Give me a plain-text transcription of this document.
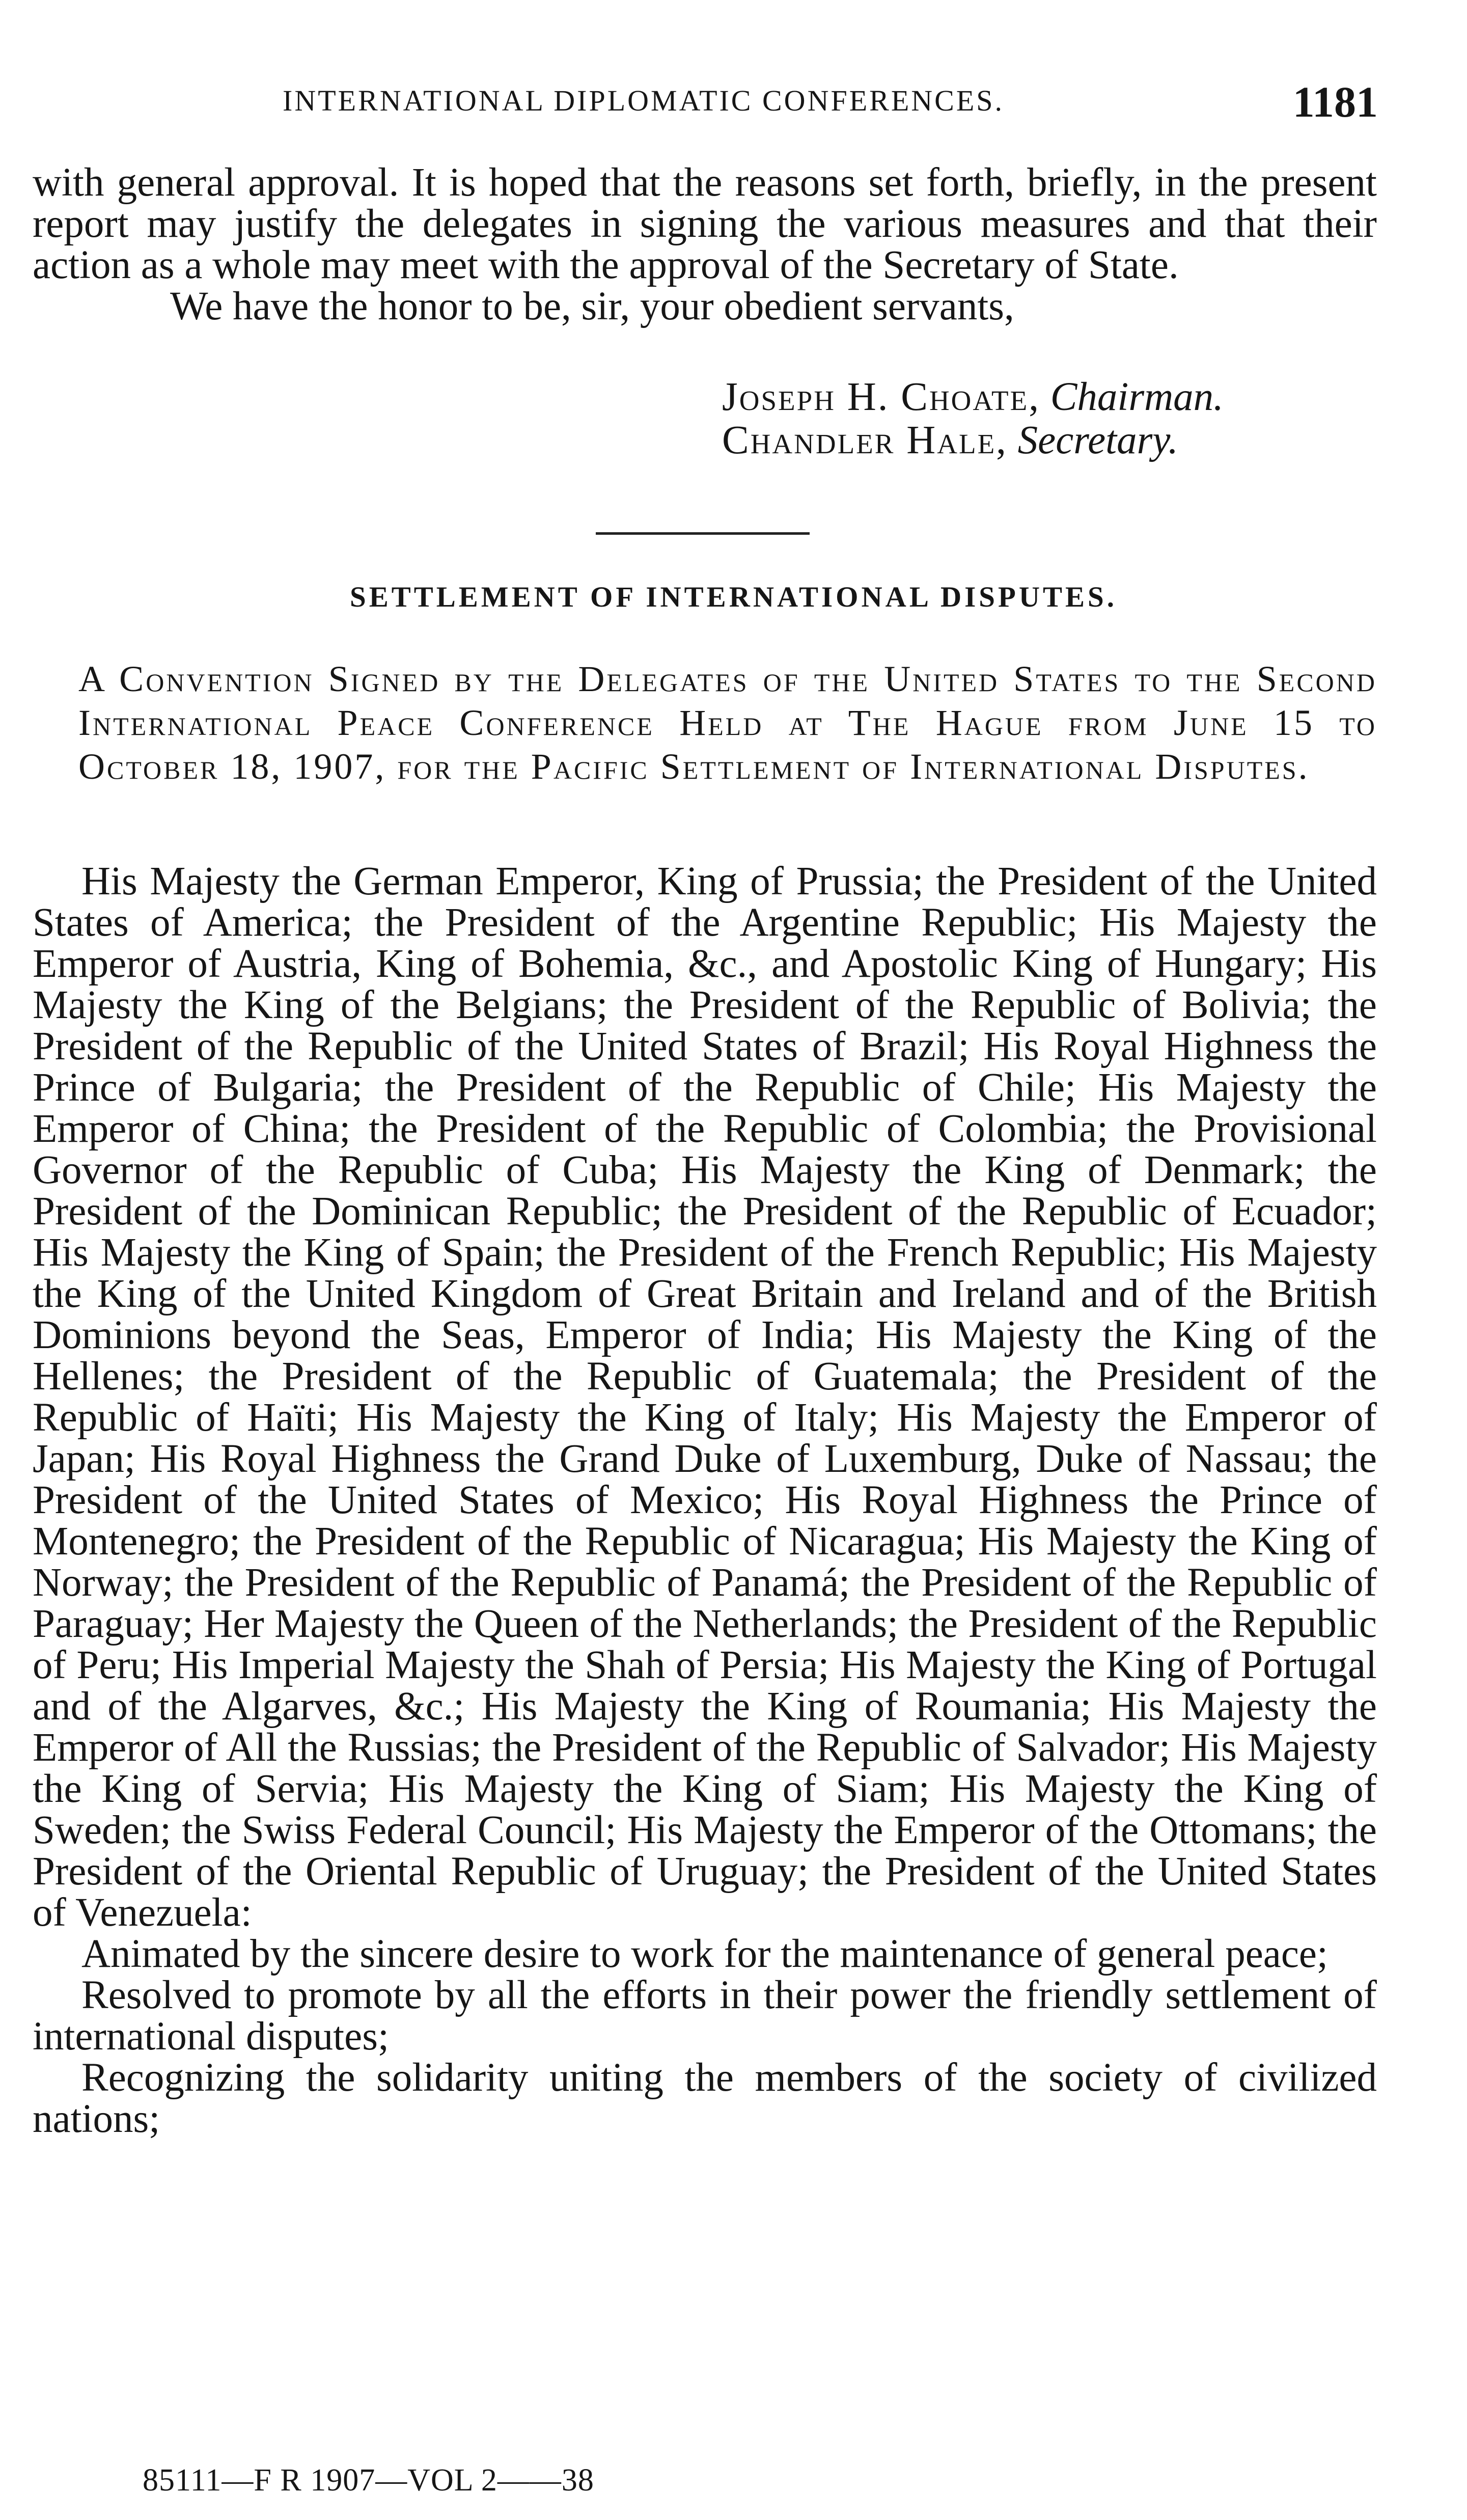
INTERNATIONAL DIPLOMATIC CONFERENCES.	1181

with general approval. It is hoped that the reasons set forth, briefly, in the present report may justify the delegates in signing the various measures and that their action as a whole may meet with the approval of the Secretary of State.

We have the honor to be, sir, your obedient servants,

Joseph H. Choate, Chairman.
Chandler Hale, Secretary.
SETTLEMENT OF INTERNATIONAL DISPUTES.
A Convention Signed by the Delegates of the United States to the Second International Peace Conference Held at The Hague from June 15 to October 18, 1907, for the Pacific Settlement of International Disputes.

His Majesty the German Emperor, King of Prussia; the President of the United States of America; the President of the Argentine Republic; His Majesty the Emperor of Austria, King of Bohemia, &c., and Apostolic King of Hungary; His Majesty the King of the Belgians; the President of the Republic of Bolivia; the President of the Republic of the United States of Brazil; His Royal Highness the Prince of Bulgaria; the President of the Republic of Chile; His Majesty the Emperor of China; the President of the Republic of Colombia; the Provisional Governor of the Republic of Cuba; His Majesty the King of Denmark; the President of the Dominican Republic; the President of the Republic of Ecuador; His Majesty the King of Spain; the President of the French Republic; His Majesty the King of the United Kingdom of Great Britain and Ireland and of the British Dominions beyond the Seas, Emperor of India; His Majesty the King of the Hellenes; the President of the Republic of Guatemala; the President of the Republic of Haïti; His Majesty the King of Italy; His Majesty the Emperor of Japan; His Royal Highness the Grand Duke of Luxemburg, Duke of Nassau; the President of the United States of Mexico; His Royal Highness the Prince of Montenegro; the President of the Republic of Nicaragua; His Majesty the King of Norway; the President of the Republic of Panamá; the President of the Republic of Paraguay; Her Majesty the Queen of the Netherlands; the President of the Republic of Peru; His Imperial Majesty the Shah of Persia; His Majesty the King of Portugal and of the Algarves, &c.; His Majesty the King of Roumania; His Majesty the Emperor of All the Russias; the President of the Republic of Salvador; His Majesty the King of Servia; His Majesty the King of Siam; His Majesty the King of Sweden; the Swiss Federal Council; His Majesty the Emperor of the Ottomans; the President of the Oriental Republic of Uruguay; the President of the United States of Venezuela:

Animated by the sincere desire to work for the maintenance of general peace;

Resolved to promote by all the efforts in their power the friendly settlement of international disputes;

Recognizing the solidarity uniting the members of the society of civilized nations;

85111—F R 1907—VOL 2——38
